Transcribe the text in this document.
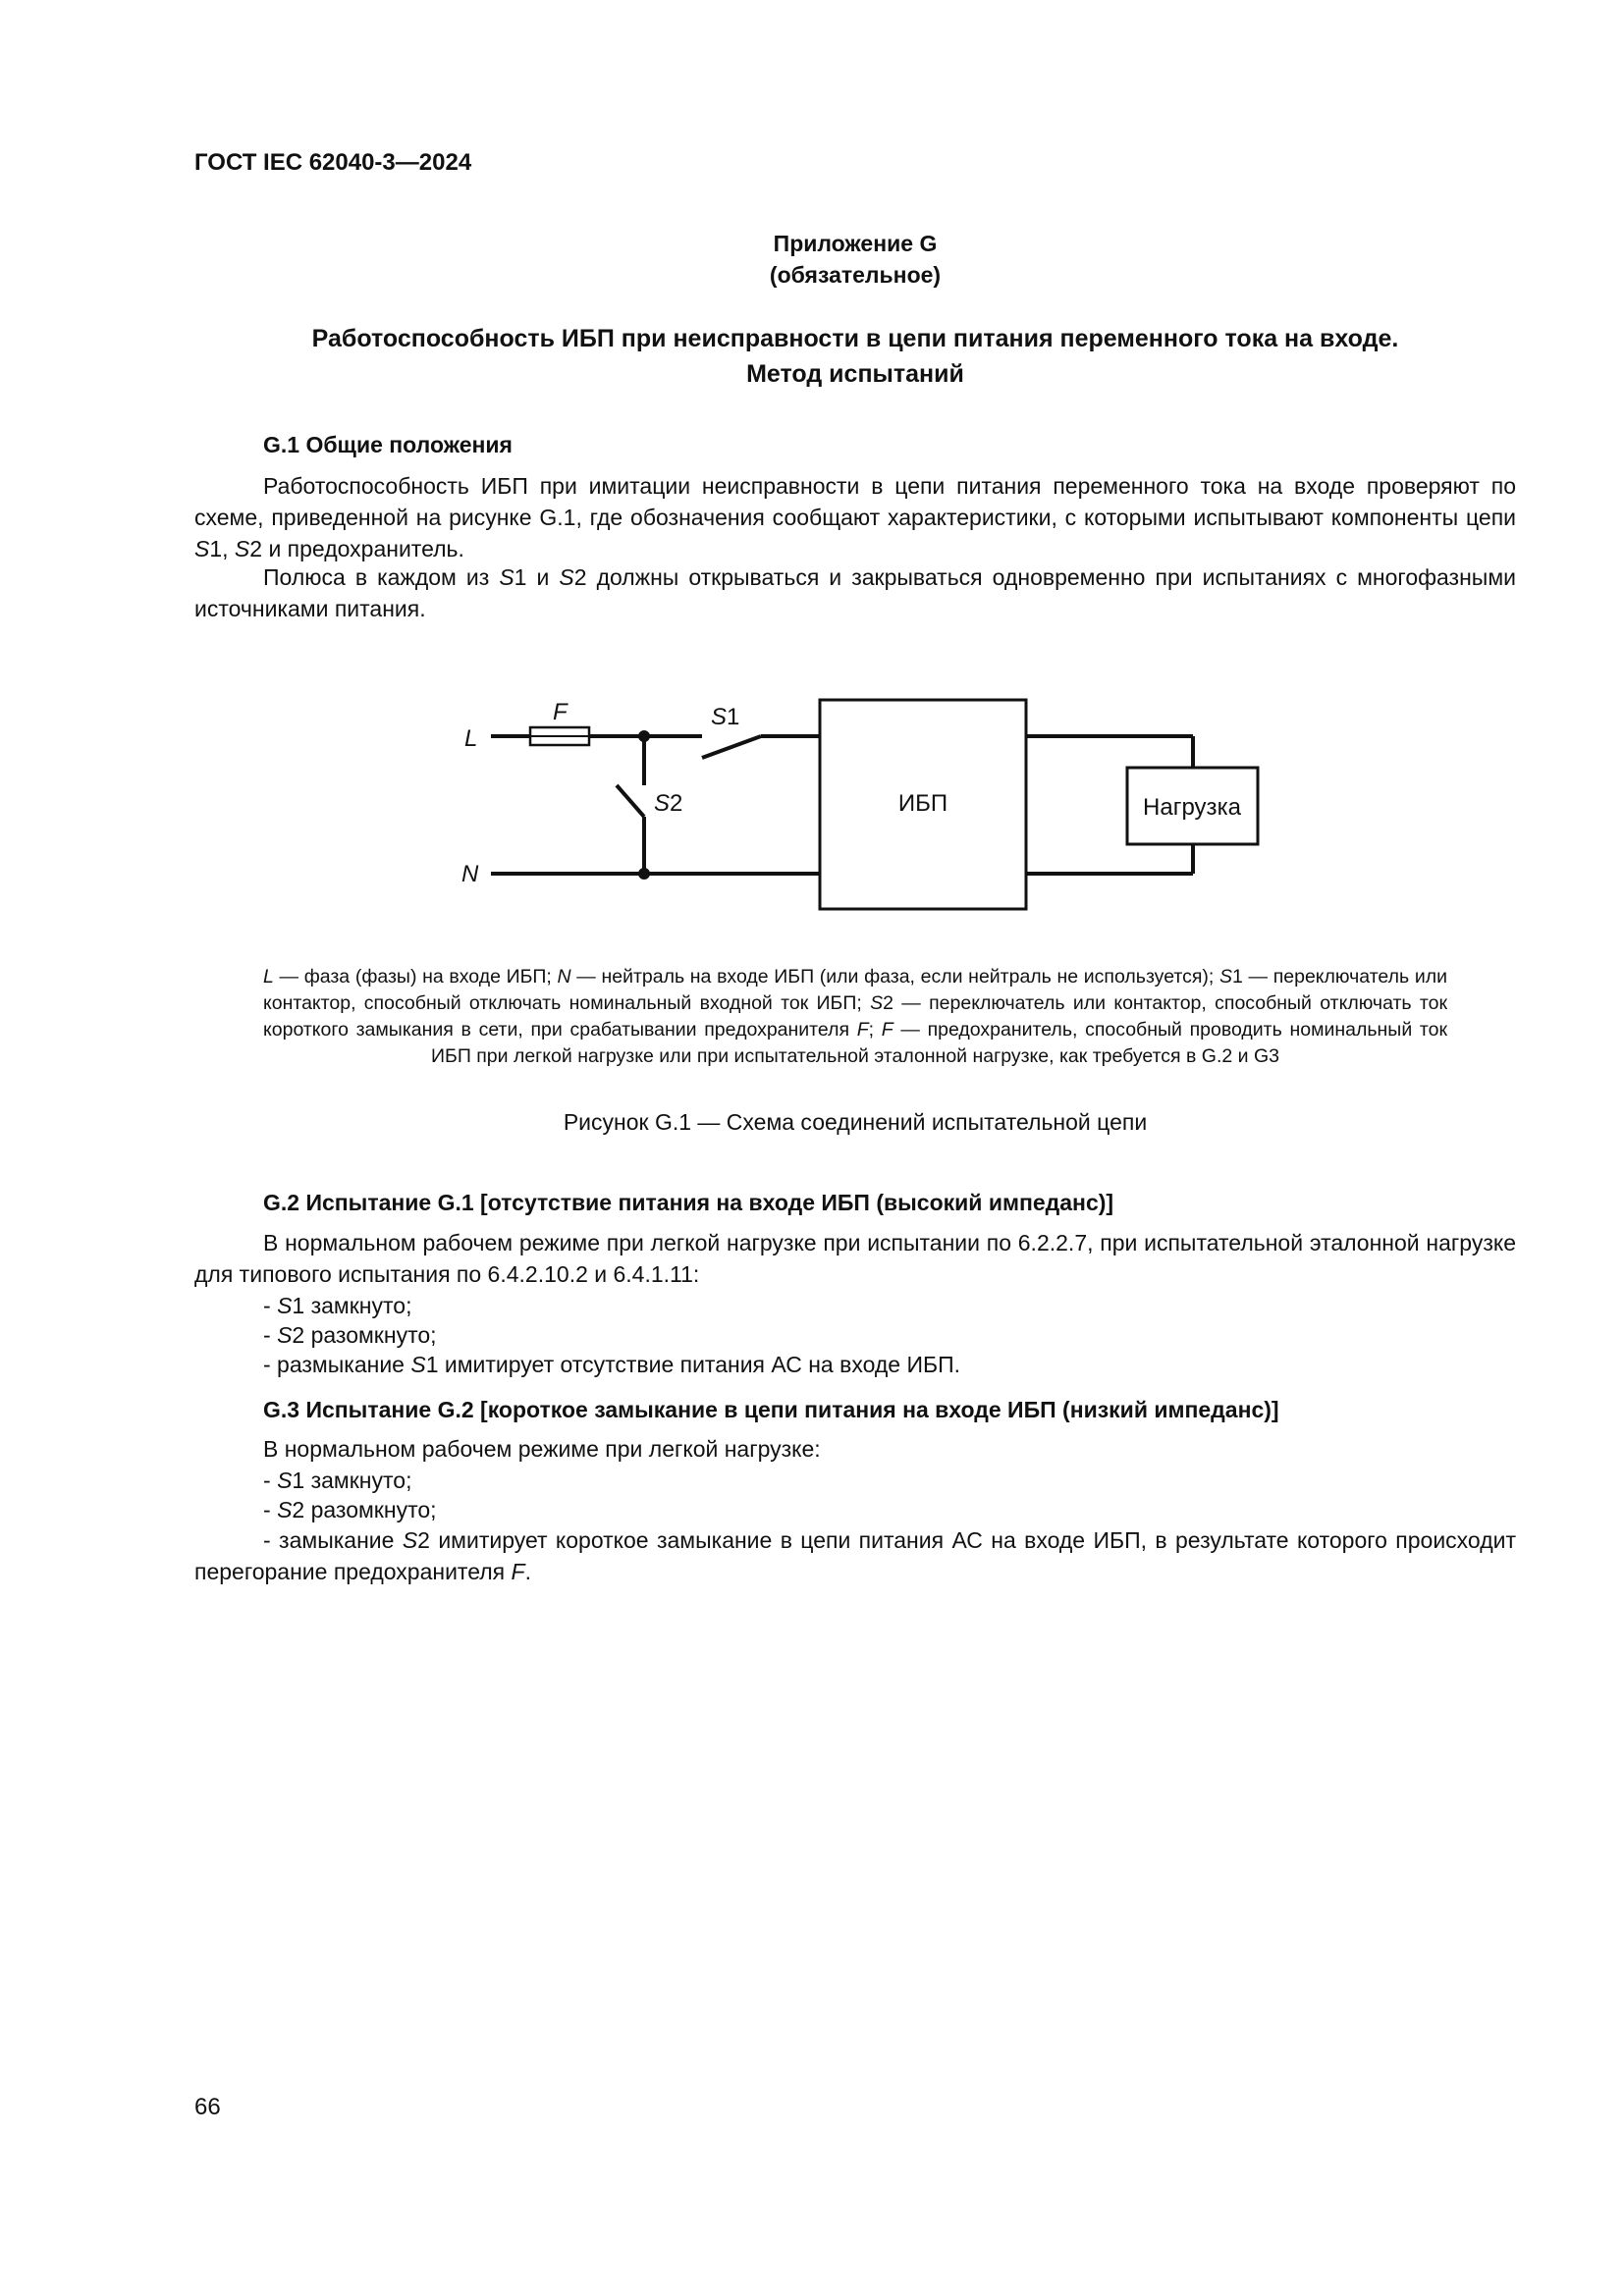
ГОСТ IEC 62040-3—2024
Приложение G
(обязательное)
Работоспособность ИБП при неисправности в цепи питания переменного тока на входе.
Метод испытаний
G.1 Общие положения

Работоспособность ИБП при имитации неисправности в цепи питания переменного тока на входе проверяют по схеме, приведенной на рисунке G.1, где обозначения сообщают характеристики, с которыми испытывают компоненты цепи S1, S2 и предохранитель.

Полюса в каждом из S1 и S2 должны открываться и закрываться одновременно при испытаниях с многофазными источниками питания.

L
N
F	S1
S2	ИБП	Нагрузка

L — фаза (фазы) на входе ИБП; N — нейтраль на входе ИБП (или фаза, если нейтраль не используется); S1 — переключатель или контактор, способный отключать номинальный входной ток ИБП; S2 — переключатель или контактор, способный отключать ток короткого замыкания в сети, при срабатывании предохранителя F; F — предохранитель, способный проводить номинальный ток ИБП при легкой нагрузке или при испытательной эталонной нагрузке, как требуется в G.2 и G3

Рисунок G.1 — Схема соединений испытательной цепи
G.2 Испытание G.1 [отсутствие питания на входе ИБП (высокий импеданс)]

В нормальном рабочем режиме при легкой нагрузке при испытании по 6.2.2.7, при испытательной эталонной нагрузке для типового испытания по 6.4.2.10.2 и 6.4.1.11:

- S1 замкнуто;
- S2 разомкнуто;
- размыкание S1 имитирует отсутствие питания АС на входе ИБП.
G.3 Испытание G.2 [короткое замыкание в цепи питания на входе ИБП (низкий импеданс)]
В нормальном рабочем режиме при легкой нагрузке:
- S1 замкнуто;
- S2 разомкнуто;

- замыкание S2 имитирует короткое замыкание в цепи питания АС на входе ИБП, в результате которого происходит перегорание предохранителя F.

66
